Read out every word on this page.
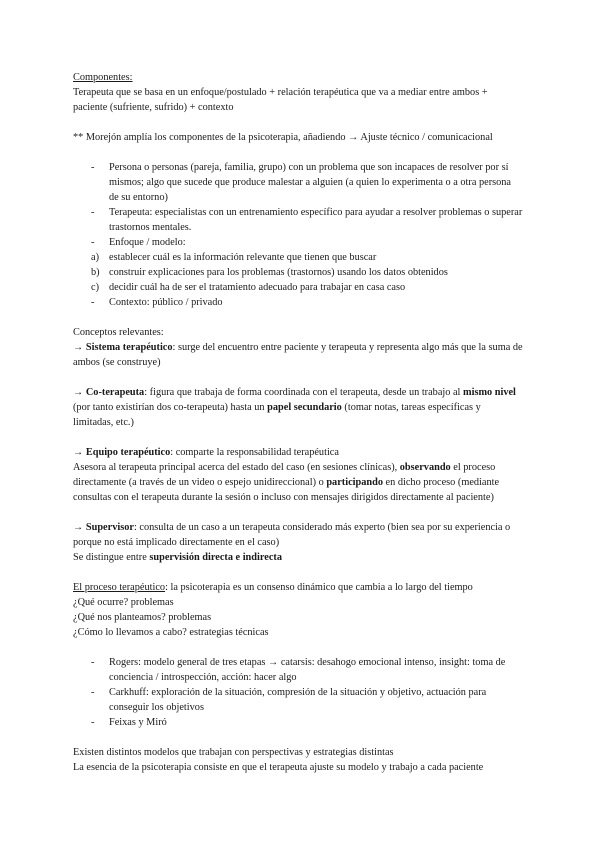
Componentes:

Terapeuta que se basa en un enfoque/postulado + relación terapéutica que va a mediar entre ambos + paciente (sufriente, sufrido) + contexto

** Morejón amplía los componentes de la psicoterapia, añadiendo → Ajuste técnico / comunicacional

- Persona o personas (pareja, familia, grupo) con un problema que son incapaces de resolver por sí mismos; algo que sucede que produce malestar a alguien (a quien lo experimenta o a otra persona de su entorno)
- Terapeuta: especialistas con un entrenamiento específico para ayudar a resolver problemas o superar trastornos mentales.
- Enfoque / modelo:
a) establecer cuál es la información relevante que tienen que buscar
b) construir explicaciones para los problemas (trastornos) usando los datos obtenidos
c) decidir cuál ha de ser el tratamiento adecuado para trabajar en casa caso
- Contexto: público / privado

Conceptos relevantes:

→ Sistema terapéutico: surge del encuentro entre paciente y terapeuta y representa algo más que la suma de ambos (se construye)

→ Co-terapeuta: figura que trabaja de forma coordinada con el terapeuta, desde un trabajo al mismo nivel (por tanto existirían dos co-terapeuta) hasta un papel secundario (tomar notas, tareas específicas y limitadas, etc.)

→ Equipo terapéutico: comparte la responsabilidad terapéutica

Asesora al terapeuta principal acerca del estado del caso (en sesiones clínicas), observando el proceso directamente (a través de un video o espejo unidireccional) o participando en dicho proceso (mediante consultas con el terapeuta durante la sesión o incluso con mensajes dirigidos directamente al paciente)

→ Supervisor: consulta de un caso a un terapeuta considerado más experto (bien sea por su experiencia o porque no está implicado directamente en el caso)

Se distingue entre supervisión directa e indirecta

El proceso terapéutico: la psicoterapia es un consenso dinámico que cambia a lo largo del tiempo

¿Qué ocurre? problemas

¿Qué nos planteamos? problemas

¿Cómo lo llevamos a cabo? estrategias técnicas

- Rogers: modelo general de tres etapas → catarsis: desahogo emocional intenso, insight: toma de conciencia / introspección, acción: hacer algo
- Carkhuff: exploración de la situación, compresión de la situación y objetivo, actuación para conseguir los objetivos
- Feixas y Miró

Existen distintos modelos que trabajan con perspectivas y estrategias distintas

La esencia de la psicoterapia consiste en que el terapeuta ajuste su modelo y trabajo a cada paciente
